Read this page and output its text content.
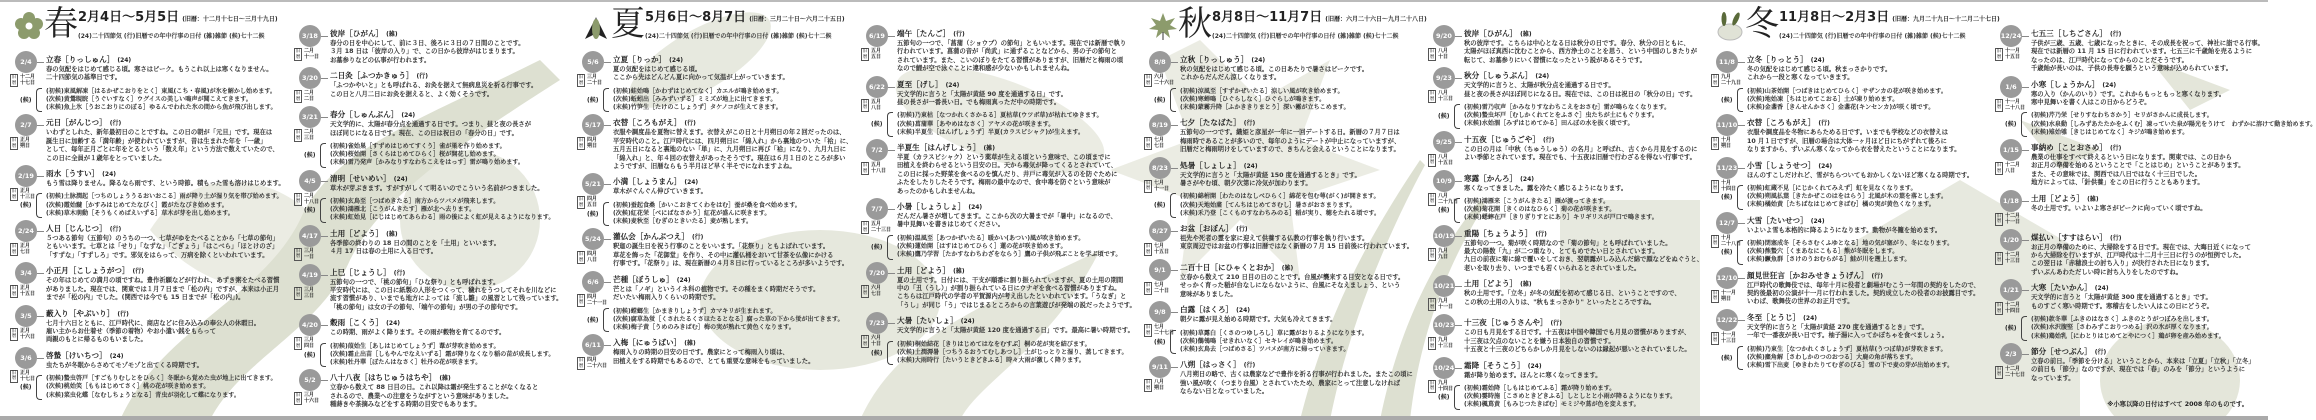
春 2月4日～5月5日 (旧暦：十二月十七日～三月十九日)
(24)二十四節気 (行)旧暦での年中行事の日付 (雑)雑節 (候)七十二候
2/4
旧暦
十二月
十七日
立春［りっしゅん］ (24)
春の気配をはじめて感じる頃。寒さはピーク。もうこれ以上は寒くなりません。
二十四節気の基準日です。
(候)
(初候)東風解凍［はるかぜこおりをとく］東風(こち・春風)が氷を解かし始めます。
(次候)黄鶯睍睆［うぐいすなく］ウグイスの美しい鳴声が聞こえてきます。
(末候)魚上氷［うおこおりにのぼる］ゆるんでわれた氷の間から魚が飛び出します。
2/7
旧暦
正月
朔日
元日［がんじつ］ (行)
いわずとしれた、新年最初日のことですね。この日の朝が「元旦」です。現在は
誕生日に加齢する「満年齢」が使われていますが、昔は生まれた年を「一歳」
として、毎年正月ごとに年をとるという「数え年」という方法で数えていたので、
この日に全員が１歳年をとっていました。
2/19
旧暦
正月
十三日
雨水［うすい］ (24)
もう雪は降りません。降るなら雨です、という時節。積もった雪も溶けはじめます。
(候)
(初候)土脉潤起［つちのしょううるおいおこる］雨が降り土が湿り気を帯び始めます。
(次候)霞始靆［かすみはじめてたなびく］霞がたなびき始めます。
(末候)草木萌動［そうもくめばえいずる］草木が芽を出し始めます。
2/24
旧暦
正月
七日
人日［じんじつ］ (行)
５つある節句（五節句）のうちの一つ。七草がゆをたべることから「七草の節句」
ともいいます。七草とは「せり」「なずな」「ごぎょう」「はこべら」「ほとけのざ」
「すずな」「すずしろ」です。邪気をはらって、万病を除くといわれています。
3/4
旧暦
正月
十五日
小正月［こしょうがつ］ (行)
その年はじめての満月の頃ですね。豊作祈願などが行われ、あずき粥をたべる習慣
がありました。現在では、関東では１月７日まで「松の内」ですが、本来は小正月
までが「松の内」でした。(関西では今でも 15 日までが「松の内」)。
3/5
旧暦
正月
十六日
藪入り［やぶいり］ (行)
七月十六日とともに、江戸時代に、商店などに住み込みの奉公人の休暇日。
雇い主からお仕着せ（季節の着物）やお小遣い銭をもらって
両親のもとに帰るものもいました。
3/6
旧暦
正月
十七日
啓蟄［けいちつ］ (24)
虫たちが冬眠からさめてモゾモゾと出てくる時期です。
(候)
(初候)蟄虫啓戸［すごもりむしとをひらく］冬眠から覚めた虫が地上に出てきます。
(次候)桃始笑［ももはじめてさく］桃の花が咲き始めます。
(末候)菜虫化蝶［なむしちょうとなる］青虫が羽化して蝶になります。
3/18
旧暦
二月
十一日
彼岸［ひがん］ (雑)
春分の日を中心にして、前に３日、後ろに３日の７日間のことです。
３月 18 日は「彼岸の入り」で、この日から彼岸がはじまります。
お墓参りなどの仏事が行われます。
3/20
旧暦
二月
二日
二日灸［ふつかきゅう］ (行)
「ふつかやいと」とも呼ばれる、お灸を据えて無病息災を祈る行事です。
この日と八月二日にお灸を据えると、よく効くそうです。
3/21
旧暦
二月
三日
春分［しゅんぶん］ (24)
天文学的に、太陽が春分点を通過する日です。つまり、昼と夜の長さが
ほぼ同じになる日です。現在、この日は祝日の「春分の日」です。
(候)
(初候)雀始巣［すずめはじめてすくう］雀が巣を作り始めます。
(次候)桜始開［さくらはじめてひらく］桜が開花し始めます。
(末候)雷乃発声［かみなりすなわちこえをはっす］雷が鳴り始めます。
4/5
旧暦
二月
十八日
清明［せいめい］ (24)
草木が芽ぶきます。すがすがしくて明るいのでこういう名前がつきました。
(候)
(初候)玄鳥至［つばめきたる］南方からツバメが飛来します。
(次候)鴻雁北［こうがんきたす］雁が北へ去ります。
(末候)虹始見［にじはじめてあらわる］雨の後によく虹が見えるようになります。
4/17
旧暦
三月
一日
土用［どよう］ (雑)
各季節の終わりの 18 日の間のことを「土用」といいます。
４月 17 日は春の土用に入る日です。
4/19
旧暦
三月
三日
上巳［じょうし］ (行)
五節句の一つで、「桃の節句」「ひな祭り」とも呼ばれます。
平安時代には、この日に紙製の人形をつくって、穢れをうつしてそれを川などに
流す習慣があり、いまでも地方によっては「流し雛」の風習として残っています。
「桃の節句」は女の子の節句、「端午の節句」が男の子の節句です。
4/20
旧暦
三月
四日
穀雨［こくう］ (24)
この時期、雨がよく降ります。その雨が穀物を育てるのです。
(候)
(初候)葭始生［あしはじめてしょうず］葦が芽吹き始めます。
(次候)霜止出苗［しもやんでなえいずる］霜が降りなくなり稲の苗が成長します。
(末候)牡丹華［ぼたんはなさく］牡丹の花が咲きます。
5/2
旧暦
三月
十六日
八十八夜［はちじゅうはちや］ (雑)
立春から数えて 88 日目の日。これ以降は霜が発生することがなくなると
されるので、農業への注意をうながすという意味がありました。
種蒔きや茶摘みなどをする時期の目安でもあります。
夏 5月6日～8月7日 (旧暦：三月二十日～六月二十五日)
(24)二十四節気 (行)旧暦での年中行事の日付 (雑)雑節 (候)七十二候
5/6
旧暦
三月
二十日
立夏［りっか］ (24)
夏の気配をはじめて感じる頃。
ここから先はどんどん夏に向かって気温が上がっていきます。
(候)
(初候)蛙始鳴［かわずはじめてなく］カエルが鳴き始めます。
(次候)蚯蚓出［みみずいずる］ミミズが地上に出てきます。
(末候)竹笋生［たけのこしょうず］タケノコが生えてきます。
5/17
旧暦
四月
朔日
衣替［ころもがえ］ (行)
衣服や調度品を夏物に替えます。衣替えがこの日と十月朔日の年２回だったのは、
平安時代のこと。江戸時代には、四月朔日に「綿入れ」から裏地のついた「袷」に、
五月五日になると裏地のない「単」に、九月朔日に再び「袷」になり、九月九日に
「綿入れ」と、年４回の衣替えがあったそうです。現在は６月１日のところが多い
ようですが、旧暦ならもう半月ほど早く半そでになれますよね。
5/21
旧暦
四月
五日
小満［しょうまん］ (24)
草木がぐんぐん伸びていきます。
(候)
(初候)蚕起食桑［かいこおきてくわをはむ］蚕が桑を食べ始めます。
(次候)紅花栄［べにばなさかう］紅花が盛んに咲きます。
(末候)麦秋至［むぎのときいたる］麦が熟します。
5/24
旧暦
四月
八日
灌仏会［かんぶつえ］ (行)
釈迦の誕生日を祝う行事のことをいいます。「花祭り」ともよばれています。
草花を飾った「花御堂」を作り、その中に灌仏桶をおいて甘茶を仏像にかける
行事です。「花祭り」は、現在新暦の４月８日に行っているところが多いようです。
6/6
旧暦
四月
二十一日
芒種［ぼうしゅ］ (24)
芒とは「ノギ」というイネ科の植物です。その種をまく時期だそうです。
だいたい梅雨入りくらいの時期です。
(候)
(初候)螳螂生［かまきりしょうず］カマキリが生まれます。
(次候)腐草為蛍［くされたるくさほたるとなる］腐った草の下から蛍が出てきます。
(末候)梅子黄［うめのみきばむ］梅の実が熟れて黄色くなります。
6/11
旧暦
四月
二十六日
入梅［にゅうばい］ (雑)
梅雨入りの時期の目安の日です。農家にとって梅雨入り頃は、
田植えをする時期でもあるので、とても重要な意味をもっていました。
6/19
旧暦
五月
五日
端午［たんご］ (行)
五節句の一つで、「菖蒲（ショウブ）の節句」ともいいます。現在では新暦で執り
行われています。菖蒲の音が「尚武」に通ずることなどから、男の子の節句と
されています。また、こいのぼりをたてる習慣がありますが、旧暦だと梅雨の頃
なので鯉が空で泳ぐことに違和感が少ないかもしれませんね。
6/22
旧暦
五月
八日
夏至［げし］ (24)
天文学的に言うと「太陽が黄経 90 度を通過する日」です。
昼の長さが一番長い日。でも梅雨真っただ中の時期です。
(候)
(初候)乃東枯［なつかれくさかるる］夏枯草(ウツボ草)が枯れてゆきます。
(次候)菖蒲華［あやめはなさく］アヤメの花が咲きます。
(末候)半夏生［はんげしょうず］半夏(カラスビシャク)が生えます。
7/2
旧暦
五月
十八日
半夏生［はんげしょう］ (雑)
半夏（カラスビシャク）という薬草が生える頃という意味で、この頃までに
田植えを終わらせるという目安の日。天から毒気が降ってくるとされていて、
この日に採った野菜を食べるのを慎んだり、井戸に毒気が入るのを防ぐために
ふたをしたりしたそうです。梅雨の最中なので、食中毒を防ぐという意味が
あったのかもしれませんね。
7/7
旧暦
五月
二十三日
小暑［しょうしょ］ (24)
だんだん暑さが増してきます。ここから次の大暑までが「暑中」になるので、
暑中見舞いを書きはじめてください。
(候)
(初候)温風至［あつかぜいたる］暖かい(あつい)風が吹き始めます。
(次候)蓮始開［はすはじめてひらく］蓮の花が咲き始めます。
(末候)鷹乃学習［たかすなわちわざをならう］鷹の子供が飛ぶことを学ぶ頃です。
7/20
旧暦
六月
七日
土用［どよう］ (雑)
夏の土用です。日付には、干支が順番に割り振られていますが、夏の土用の期間
中の「丑（うし）」が割り振られている日にウナギを食べる習慣がありますね。
こちらは江戸時代の学者の平賀源内が考え出したといわれています。「うなぎ」と
「うし」が同じ「う」ではじまるところからの言葉遊びが発端の説だったようです。
7/23
旧暦
六月
十日
大暑［たいしょ］ (24)
天文学的に言うと「太陽が黄経 120 度を通過する日」です。最高に暑い時期です。
(候)
(初候)桐始結花［きりはじめてはなをむすぶ］桐の花が実を結びます。
(次候)土潤溽暑［つちうるおうてむしあつし］土がじっとりと湿り、蒸してきます。
(末候)大雨時行［たいうときどきふる］時々大雨が激しく降ります。
秋 8月8日～11月7日 (旧暦：六月二十六日～九月二十八日)
(24)二十四節気 (行)旧暦での年中行事の日付 (雑)雑節 (候)七十二候
8/8
旧暦
六月
二十六日
立秋［りっしゅう］ (24)
秋の気配をはじめて感じる頃。この日あたりで暑さはピークです。
これからだんだん涼しくなります。
(候)
(初候)涼風至［すずかぜいたる］涼しい風が吹き始めます。
(次候)寒蝉鳴［ひぐらしなく］ひぐらしが鳴きます。
(末候)蒙霧升降［ふかききりまとう］深い霧が立ちこめます。
8/19
旧暦
七月
七日
七夕［たなばた］ (行)
五節句の一つです。織姫と彦星が一年に一回デートする日。新暦の７月７日は
梅雨時であることが多いので、毎年のようにデートが中止になっていますが、
旧暦だと梅雨明けをしていますので、きちんと会えるということになります。
8/23
旧暦
七月
十一日
処暑［しょしょ］ (24)
天文学的に言うと「太陽が黄経 150 度を通過するとき」です。
暑さがやむ頃、朝夕次第に冷気が加わります。
(候)
(初候)綿柎開［わたのはなしべひらく］綿花を包む萼(がく)が開きます。
(次候)天地始粛［てんちはじめてさむし］暑さがおさまります。
(末候)禾乃登［こくものすなわちみのる］稲が実り、穂をたれる頃です。
8/27
旧暦
七月
十五日
お盆［おぼん］ (行)
祖先や死者の霊を家に迎えて供養する仏教の行事を執り行います。
東京周辺ではお盆の行事は旧暦ではなく新暦の７月 15 日前後に行われています。
9/1
旧暦
七月
二十日
二百十日［にひゃくとおか］ (雑)
立春から数えて 210 日目の日のことです。台風が襲来する目安となる日です。
せっかく育った稲が台なしにならないように、台風にそなえましょう、という
意味がありました。
9/8
旧暦
七月
二十七日
白露［はくろ］ (24)
朝夕に露が見え始める時期です。大気も冷えてきます。
(候)
(初候)草露白［くさのつゆしろし］草に露がおりるようになります。
(次候)鶺鴒鳴［せきれいなく］セキレイが鳴き始めます。
(末候)玄鳥去［つばめさる］ツバメが南方に帰っていきます。
9/11
旧暦
八月
朔日
八朔［はっさく］ (行)
八月朔日の略で、古くは農家などで豊作を祈る行事が行われました。またこの頃に
強い風が吹く（つまり台風）とされていたため、農家にとって注意しなければ
ならない日となっていました。
9/20
旧暦
八月
十日
彼岸［ひがん］ (雑)
秋の彼岸です。こちらは中心となる日は秋分の日です。春分、秋分の日ともに、
太陽がほぼ真西に沈むことから、西方浄土のことを思う、という中国のしきたりが
転じて、お墓参りにいく習慣になったという説があるそうです。
9/23
旧暦
八月
十三日
秋分［しゅうぶん］ (24)
天文学的に言うと、太陽が秋分点を通過する日です。
昼と夜の長さがほぼ同じになる日。現在では、この日は祝日の「秋分の日」です。
(候)
(初候)雷乃収声［かみなりすなわちこえをおさむ］雷が鳴らなくなります。
(次候)蟄虫坏戸［むしかくれてとをふさぐ］虫たちが土にもぐります。
(末候)水始涸［みずはじめてかる］田んぼの水を抜く頃です。
9/25
旧暦
八月
十五日
十五夜［じゅうごや］ (行)
この日の月は「中秋（ちゅうしゅう）の名月」と呼ばれ、古くから月見をするのに
よい季節とされています。現在でも、十五夜は旧暦で行わざるを得ない行事です。
10/9
旧暦
八月
二十九日
寒露［かんろ］ (24)
寒くなってきました。露を冷たく感じるようになります。
(候)
(初候)鴻雁来［こうがんきたる］雁が渡ってきます。
(次候)菊花開［きくのはなひらく］菊の花が咲きます。
(末候)蟋蟀在戸［きりぎりすとにあり］キリギリスが戸口で鳴きます。
10/19
旧暦
九月
九日
重陽［ちょうよう］ (行)
五節句の一つ。菊が咲く時期なので「菊の節句」とも呼ばれていました。
最大の陽数「九」が二つ重なり、とてもめでたい日とされています。
九日の前夜に菊に綿で覆いをしておき、翌朝露がしみ込んだ綿で顔などをぬぐうと、
老いを取り去り、いつまでも若くいられるとされていました。
10/21
旧暦
九月
十一日
土用［どよう］ (雑)
秋の土用です。「立冬」が冬の気配を初めて感じる日、ということですので、
この秋の土用の入りは、"秋もまっさかり" といったところですね。
10/23
旧暦
九月
十三日
十三夜［じゅうさんや］ (行)
この日も月見をする日です。十五夜は中国や韓国でも月見の習慣がありますが、
十三夜は欠点のないことを嫌う日本独自の習慣です。
十五夜と十三夜のどちらかしか月見をしないのは縁起が悪いとされていました。
10/24
旧暦
九月
十四日
霜降［そうこう］ (24)
霜が降り始めます。ほんとに寒くなってきます。
(候)
(初候)霜始降［しもはじめてふる］霜が降り始めます。
(次候)霎時施［こさめときどきふる］しとしとと小雨が降るようになります。
(末候)楓蔦黄［もみじつたきばむ］モミジや蔦が色を変えます。
冬 11月8日～2月3日 (旧暦：九月二十九日～十二月二十七日)
(24)二十四節気 (行)旧暦での年中行事の日付 (雑)雑節 (候)七十二候
11/8
旧暦
九月
二十九日
立冬［りっとう］ (24)
冬の気配をはじめて感じる頃。秋まっさかりです。
これから一段と寒くなっていきます。
(候)
(初候)山茶始開［つばきはじめてひらく］サザンカの花が咲き始めます。
(次候)地始凍［ちはじめてこおる］土が凍り始めます。
(末候)金盞香［きんせんかさく］金盞花(キンセンカ)が咲く頃です。
11/10
旧暦
十月
朔日
衣替［ころもがえ］ (行)
衣服や調度品を冬物にあらためる日です。いまでも学校などの衣替えは
10 月１日ですが、旧暦の場合は大体一ヶ月ほど日にちがずれて後ろに
なりますから、ずいぶん寒くなってから衣を替えたということになります。
11/23
旧暦
十月
十四日
小雪［しょうせつ］ (24)
ほんのすこしだけれど、雪がちらついてもおかしくないほど寒くなる時期です。
(候)
(初候)虹蔵不見［にじかくれてみえず］虹を見なくなります。
(次候)朔風払葉［きたかぜこのはをはらう］北風が木の葉を落とします。
(末候)橘始黄［たちばなはじめてきばむ］橘の実が黄色くなります。
12/7
旧暦
十月
二十八日
大雪［たいせつ］ (24)
いよいよ雪も本格的に降るようになります。動物が冬籠を始めます。
(候)
(初候)閉塞成冬［そらさむくふゆとなる］地の気が塞がり、冬になります。
(次候)熊蟄穴［くまあなにこもる］熊が冬眠をします。
(末候)鱖魚群［さけのうおむらがる］鮭が川を遡上します。
12/10
旧暦
十一月
朔日
顔見世狂言［かおみせきょうげん］ (行)
江戸時代の歌舞伎では、毎年十月に役者と劇場がむこう一年間の契約をしたので、
契約後最初の公演が十一月に行われました。契約成立したの役者のお披露目です。
いわば、歌舞伎の世界のお正月です。
12/22
旧暦
十一月
十三日
冬至［とうじ］ (24)
天文学的に言うと「太陽が黄経 270 度を通過するとき」です。
一年で一番夜が長い日です。柚子湯に入ってかぼちゃを食べましょう。
(候)
(初候)乃東生［なつかれくさしょうず］夏枯草(うつぼ草)が芽吹きます。
(次候)麋角解［さわしかのつのおつる］大鹿の角が落ちます。
(末候)雪下出麦［ゆきわたりてむぎのびる］雪の下で麦の芽が出始めます。
12/24
旧暦
十一月
十五日
七五三［しちごさん］ (行)
子供が三歳、五歳、七歳になったときに、その成長を祝って、神社に詣でる行事。
現在では新暦の 11 月 15 日に行われています。七五三に千歳飴を売るように
なったのは、江戸時代になってからのことだそうです。
千歳飴が長いのは、子供の長寿を願うという意味が込められています。
1/6
旧暦
十一月
二十八日
小寒［しょうかん］ (24)
寒の入り（かんのいり）です。これからもっともっと寒くなります。
寒中見舞いを書く人はこの日からどうぞ。
(候)
(初候)芹乃栄［せりすなわちさかう］セリがさかんに成長します。
(次候)水泉動［しみずあたたかをふくむ］凍っていた泉が陽光をうけて　わずかに溶けて動き始めます。
(末候)雉始雊［きじはじめてなく］キジが鳴き始めます。
1/15
旧暦
十二月
八日
事納め［ことおさめ］ (行)
農業の仕事をすべて終えるという日になります。関東では、この日から
お正月の準備を始めるということで「ことはじめ」ということがあります。
また、その意味では、関西では八日ではなく十三日でした。
地方によっては、「針供養」をこの日に行うこともあります。
1/18
旧暦
十二月
十一日
土用［どよう］ (雑)
冬の土用です。いよいよ寒さがピークに向っていく頃ですね。
1/20
旧暦
十二月
十三日
煤払い［すすはらい］ (行)
お正月の準備のために、大掃除をする日です。現在では、大晦日近くになって
から大掃除を行いますが、江戸時代は十二月十三日に行うのが恒例でした。
この翌日は「赤穂浪士の討ち入り」が決行された日になります。
ずいぶんあわただしい時に討ち入りをしたのですね。
1/21
旧暦
十二月
十四日
大寒［たいかん］ (24)
天文学的に言うと「太陽が黄経 300 度を通過するとき」です。
ものすごく寒い時期です。寒稽古をしたい人はこの日にどうぞ。
(候)
(初候)款冬華［ふきのはなさく］ふきのとうがつぼみを出します。
(次候)水沢腹堅［さわみずこおりつめる］沢の氷が厚くなります。
(末候)鶏始乳［にわとりはじめてとやにつく］鶏が卵を産み始めます。
2/3
旧暦
十二月
二十七日
節分［せつぶん］ (行)
立春の前日。「季節を分ける」ということから、本来は「立夏」「立秋」「立冬」
の前日も「節分」なのですが、現在では「春」のみを「節分」というように
なっています。
※小寒以降の日付はすべて 2008 年のものです。
